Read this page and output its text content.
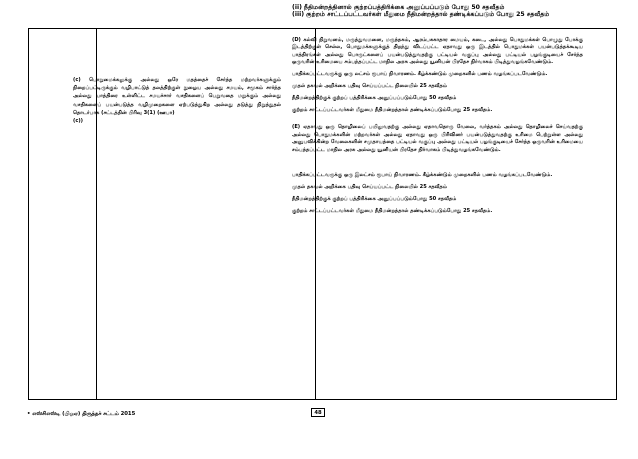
(c) பொறுமைக்கலுக்கு அல்லது ஒரே மதத்தைச் சேர்ந்த மற்றவர்களுக்கும் நிறைப்பட்டிருக்கும் வழிபாட்டுத் தலத்திற்குள் நுழைய அல்லது சமயம், சமூகம் சார்ந்த அல்லது யாத்திரை உள்ளிட்ட சமயச்சார் வசதிகளைப் பெறுவதை மறுக்கும் அல்லது வசதிகளைப் பயன்படுத்த வழிமுறைகளை ஏற்படுத்துகிற அல்லது தடுத்து நிறுத்துதல் தொடர்பாக (சட்டத்தின் பிரிவு 3(1) (ஊபா)

(c))

(ii) நீதிமன்றத்தினால் குற்றப்பத்திரிக்கை அனுப்பப்படும் போது 50 சதவீதம்

(iii) குற்றம் சாட்டப்பட்டவர்கள் மீதுமை நீதிமன்றத்தால் தண்டிக்கப்படும் போது 25 சதவீதம்

(D) கல்வி நிறுவனம், மருத்துவமனை, மருந்தகம், ஆரம்பசுகாதார மையம், கடை, அல்லது பொதுமக்கள் பொழுது போக்கு இடத்திற்குள் செல்ல, பொதுமக்களுக்குத் திறந்து விடப்பட்ட ஏதாவது ஒரு இடத்தில் பொதுமக்கள் பயன்படுத்தக்கூடிய பாத்திரங்கள் அல்லது பொருட்களைப் பயன்படுத்துவதற்கு பட்டியல் வகுப்பு அல்லது பட்டியல் பழங்குடியைச் சேர்ந்த ஒருவரின் உரிமையை சம்பந்தப்பட்ட மாநில அரசு அல்லது யூனியன் பிரதேச நிர்வாகம் பிடித்துவழங்கவேண்டும்.

பாதிக்கப்பட்டவருக்கு ஒரு லட்சம் ரூபாய் நிவாரணம். கீழ்க்கண்டும் முறைகளில் பணம் வழங்கப்படவேண்டும்.

முதல் தகவல் அறிக்கை பதிவு செய்யப்பட்ட நிலையில் 25 சதவீதம்

நீதிமன்றத்திற்குக் குற்றப் பத்திரிக்கை அனுப்பப்படும்போது 50 சதவீதம்

குற்றம் சாட்டப்பட்டவர்கள் மீதுமை நீதிமன்றத்தால் தண்டிக்கப்படும்போது 25 சதவீதம்.

(E) ஏதாவது ஒரு தொழிலைப் பயிலுவதற்கு அல்லது ஏதாவதொரு வேலை, வர்த்தகம் அல்லது தொழிலைச் செய்வதற்கு அல்லது பொதுமக்களின் மற்றவர்கள் அல்லது ஏதாவது ஒரு பிரிவினர் பயன்படுத்துவதற்கு உரிமை பெற்றுள்ள அல்லது அனுபவிக்கின்ற வேலைகளின் சமுதாயத்தை பட்டியல் வகுப்பு அல்லது பட்டியல் பழங்குடியைச் சேர்ந்த ஒருவரின் உரிமையை சம்பந்தப்பட்ட மாநில அரசு அல்லது யூனியன் பிரதேச நிர்வாகம் பிடித்துவழங்கவேண்டும்.

பாதிக்கப்பட்டவருக்கு ஒரு இலட்சம் ரூபாய் நிவாரணம். கீழ்க்கண்டும் முறைகளில் பணம் வழங்கப்படவேண்டும்.

முதல் தகவல் அறிக்கை பதிவு செய்யப்பட்ட நிலையில் 25 சதவீதம்

நீதிமன்றத்திற்குக் குற்றப் பத்திரிக்கை அனுப்பப்படும்போது 50 சதவீதம்

குற்றம் சாட்டப்பட்டவர்கள் மீதுமை நீதிமன்றத்தால் தண்டிக்கப்படும்போது 25 சதவீதம்.

• எஸ்சிஎஸ்டி (பிஓஏ) திருத்தச் சட்டம் 2015	48
